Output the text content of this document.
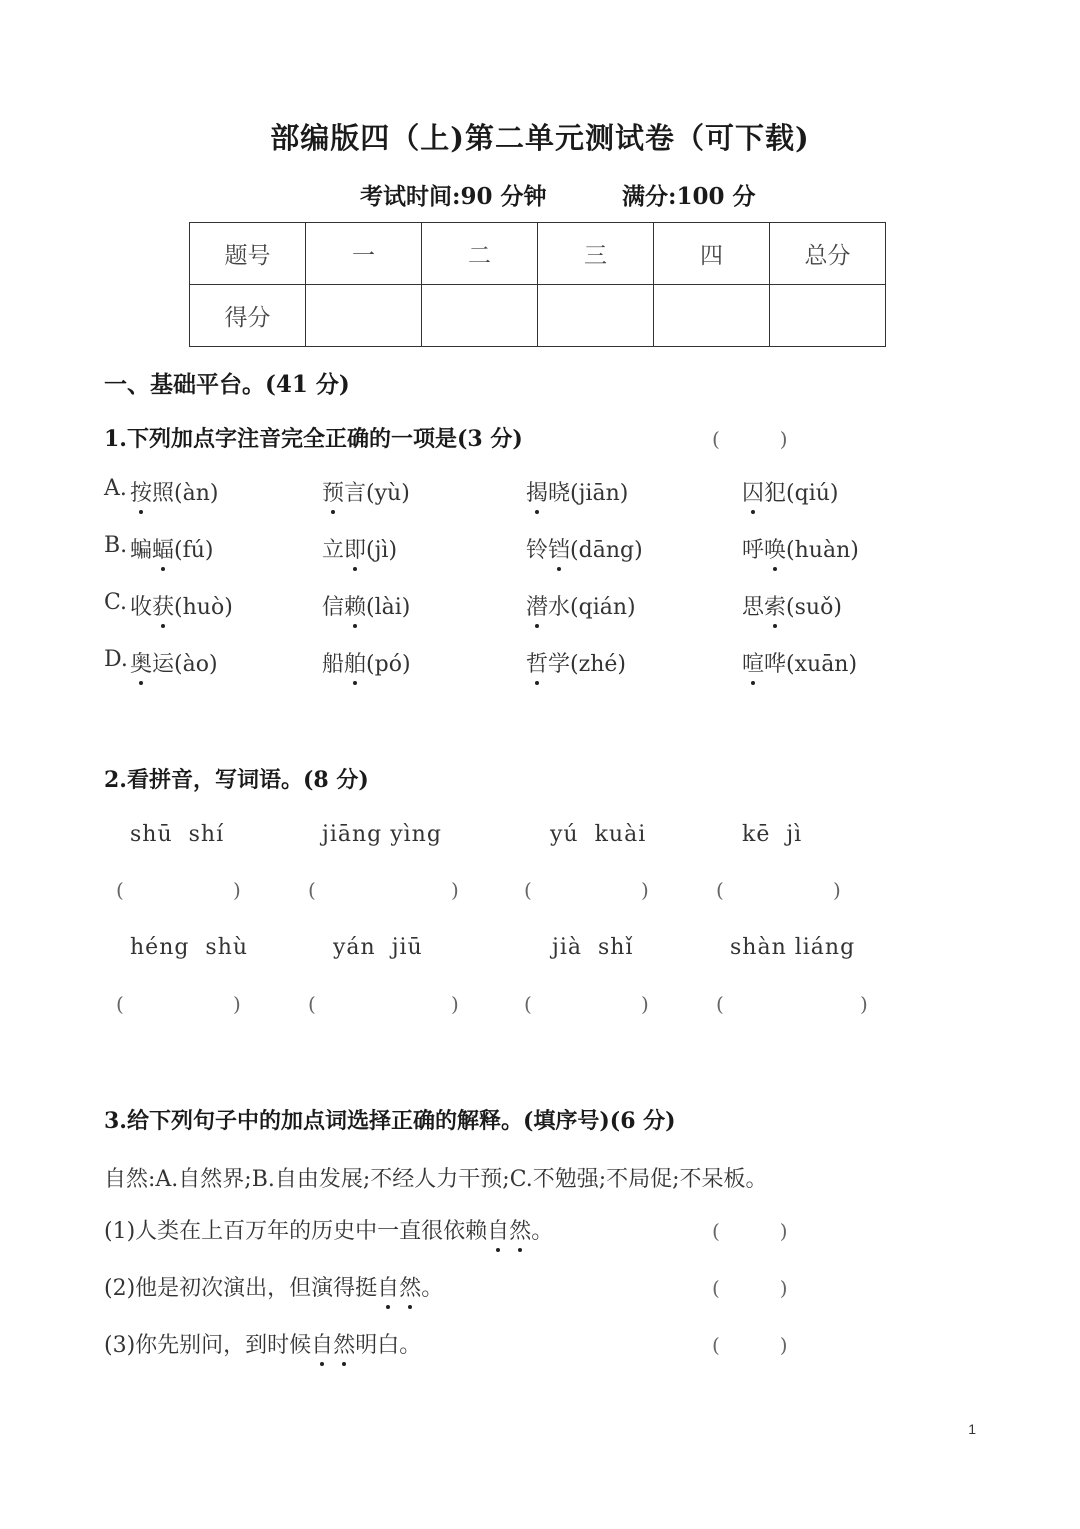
部编版四（上)第二单元测试卷（可下载)
考试时间:90 分钟	满分:100 分
题号	一	二	三	四	总分
得分					
一、基础平台。(41 分)
1.下列加点字注音完全正确的一项是(3 分)	(　　　)
A. 按照(àn)	预言(yù)	揭晓(jiān)	囚犯(qiú)
B. 蝙蝠(fú)	立即(jì)	铃铛(dāng)	呼唤(huàn)
C. 收获(huò)	信赖(lài)	潜水(qián)	思索(suǒ)
D. 奥运(ào)	船舶(pó)	哲学(zhé)	喧哗(xuān)
2.看拼音，写词语。(8 分)
shū  shí
(	)
jiāng yìng
(	)
yú  kuài
(	)
kē  jì
(	)
héng  shù
(	)
yán  jiū
(	)
jià  shǐ
(	)
shàn liáng
(	)
3.给下列句子中的加点词选择正确的解释。(填序号)(6 分)
自然:A.自然界;B.自由发展;不经人力干预;C.不勉强;不局促;不呆板。
(1)人类在上百万年的历史中一直很依赖自然。	(　　　)
(2)他是初次演出，但演得挺自然。	(　　　)
(3)你先别问，到时候自然明白。	(　　　)
1
